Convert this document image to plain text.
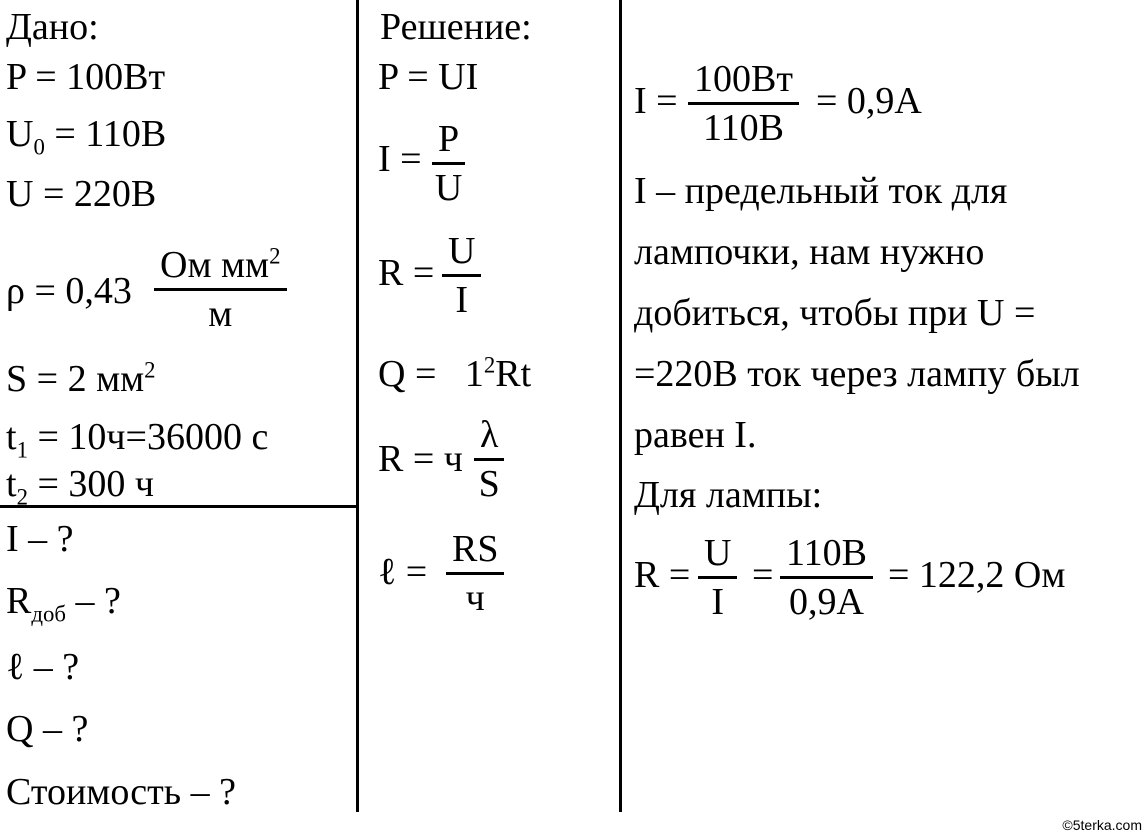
Дано:
P = 100Вт
$U_0 = 110В$
U = 220В
ρ = 0,43
Ом $мм^2$
м
S = 2 $мм^2$
$t_1 = 10ч=36000$ с
$t_2 = 300$ ч
I – ?
$R_{доб}$ – ?
ℓ – ?
Q – ?
Стоимость – ?
Решение:
P = UI
$I = \frac{P}{U}$
$R = \frac{U}{I}$
$Q = 1^2Rt$
R = ч $\frac{\lambda}{S}$
ℓ =
RS
ч
I =
100Вт
110В
= 0,9А
I – предельный ток для
лампочки, нам нужно
добиться, чтобы при U =
=220В ток через лампу был
равен I.
Для лампы:
$R = \frac{U}{I}$ =
110В
0,9А
= 122,2 Ом
©5terka.com
